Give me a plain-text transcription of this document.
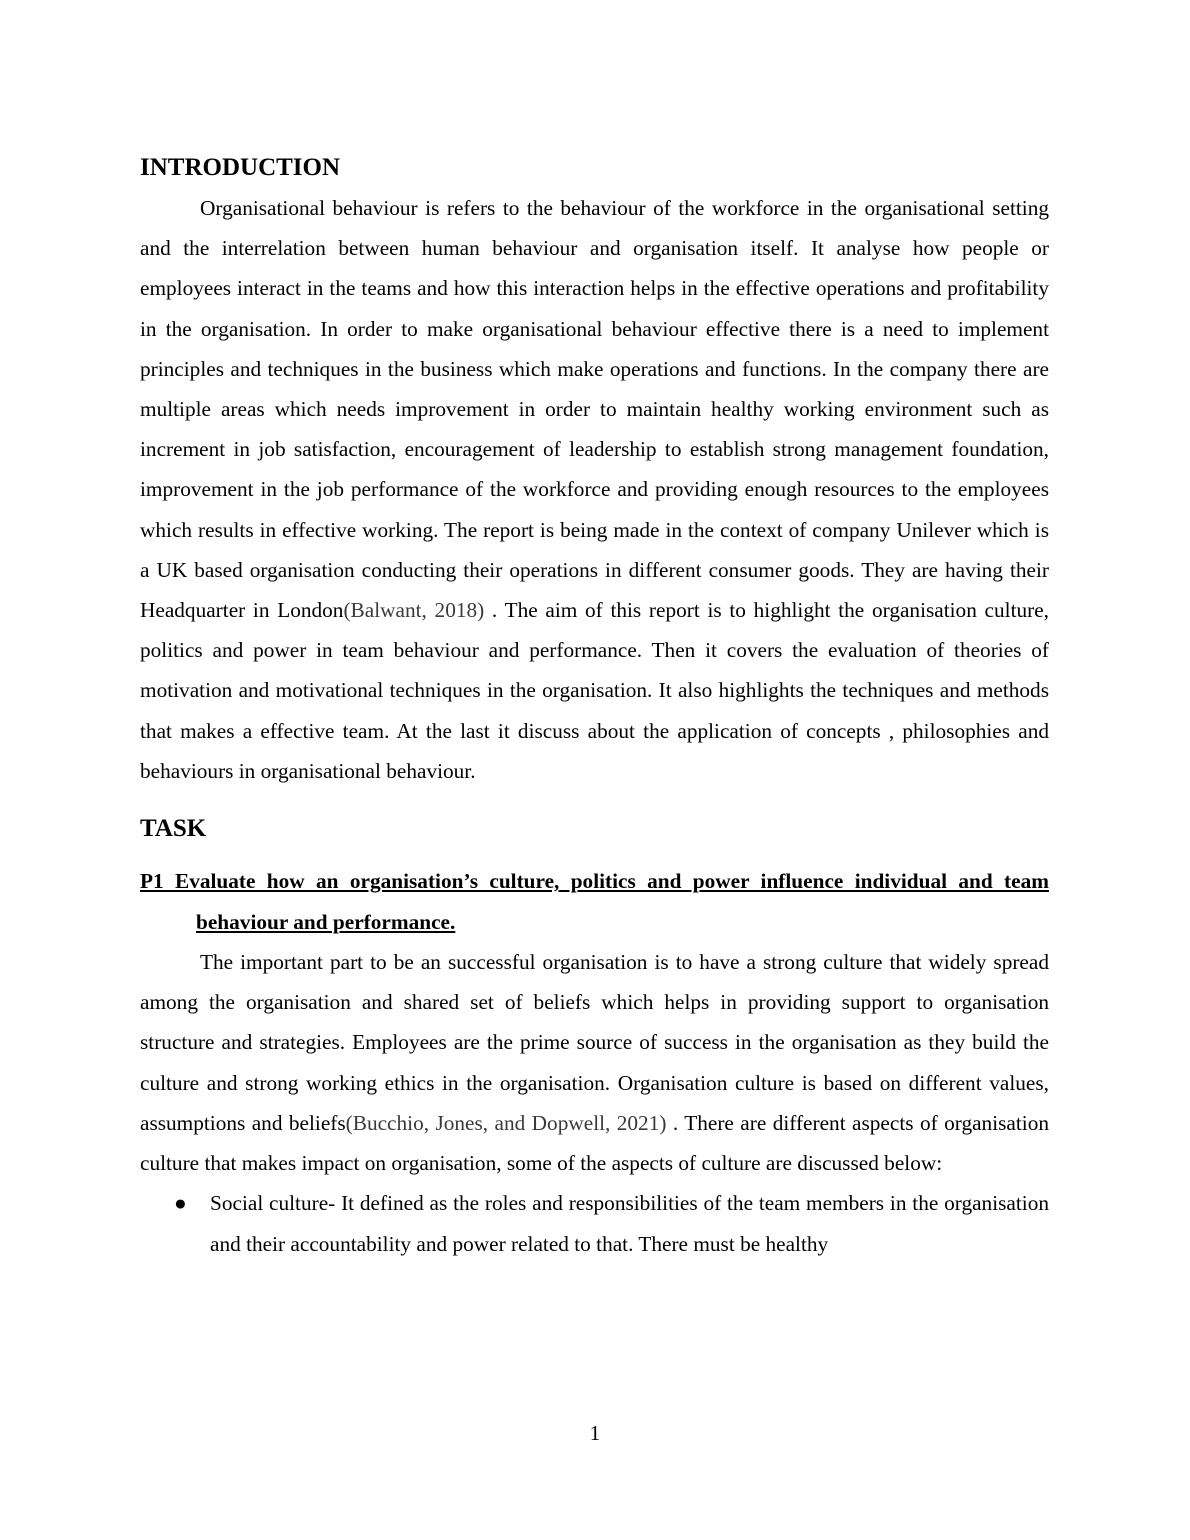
INTRODUCTION

Organisational behaviour is refers to the behaviour of the workforce in the organisational setting and the interrelation between human behaviour and organisation itself. It analyse how people or employees interact in the teams and how this interaction helps in the effective operations and profitability in the organisation. In order to make organisational behaviour effective there is a need to implement principles and techniques in the business which make operations and functions. In the company there are multiple areas which needs improvement in order to maintain healthy working environment such as increment in job satisfaction, encouragement of leadership to establish strong management foundation, improvement in the job performance of the workforce and providing enough resources to the employees which results in effective working. The report is being made in the context of company Unilever which is a UK based organisation conducting their operations in different consumer goods. They are having their Headquarter in London(Balwant, 2018) . The aim of this report is to highlight the organisation culture, politics and power in team behaviour and performance. Then it covers the evaluation of theories of motivation and motivational techniques in the organisation. It also highlights the techniques and methods that makes a effective team. At the last it discuss about the application of concepts , philosophies and behaviours in organisational behaviour.

TASK

P1 Evaluate how an organisation’s culture, politics and power influence individual and team behaviour and performance.

The important part to be an successful organisation is to have a strong culture that widely spread among the organisation and shared set of beliefs which helps in providing support to organisation structure and strategies. Employees are the prime source of success in the organisation as they build the culture and strong working ethics in the organisation. Organisation culture is based on different values, assumptions and beliefs(Bucchio, Jones, and Dopwell, 2021) . There are different aspects of organisation culture that makes impact on organisation, some of the aspects of culture are discussed below:

● Social culture- It defined as the roles and responsibilities of the team members in the organisation and their accountability and power related to that. There must be healthy
1
